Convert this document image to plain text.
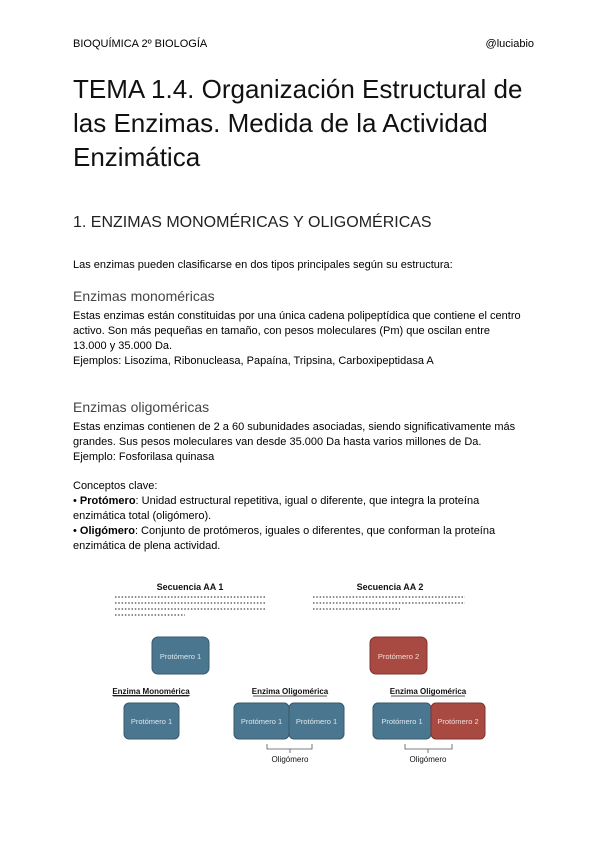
BIOQUÍMICA 2º BIOLOGÍA	@luciabio
TEMA 1.4. Organización Estructural de las Enzimas. Medida de la Actividad Enzimática
1. ENZIMAS MONOMÉRICAS Y OLIGOMÉRICAS

Las enzimas pueden clasificarse en dos tipos principales según su estructura:

Enzimas monoméricas

Estas enzimas están constituidas por una única cadena polipeptídica que contiene el centro

activo. Son más pequeñas en tamaño, con pesos moleculares (Pm) que oscilan entre

13.000 y 35.000 Da.

Ejemplos: Lisozima, Ribonucleasa, Papaína, Tripsina, Carboxipeptidasa A

Enzimas oligoméricas

Estas enzimas contienen de 2 a 60 subunidades asociadas, siendo significativamente más

grandes. Sus pesos moleculares van desde 35.000 Da hasta varios millones de Da.

Ejemplo: Fosforilasa quinasa

Conceptos clave:

• Protómero: Unidad estructural repetitiva, igual o diferente, que integra la proteína

enzimática total (oligómero).

• Oligómero: Conjunto de protómeros, iguales o diferentes, que conforman la proteína

enzimática de plena actividad.

Secuencia AA 1	Secuencia AA 2
Protómero 1	Protómero 2
Enzima Monomérica	Enzima Oligomérica	Enzima Oligomérica
Protómero 1	Protómero 1 Protómero 1	Protómero 1 Protómero 2
Oligómero	Oligómero
